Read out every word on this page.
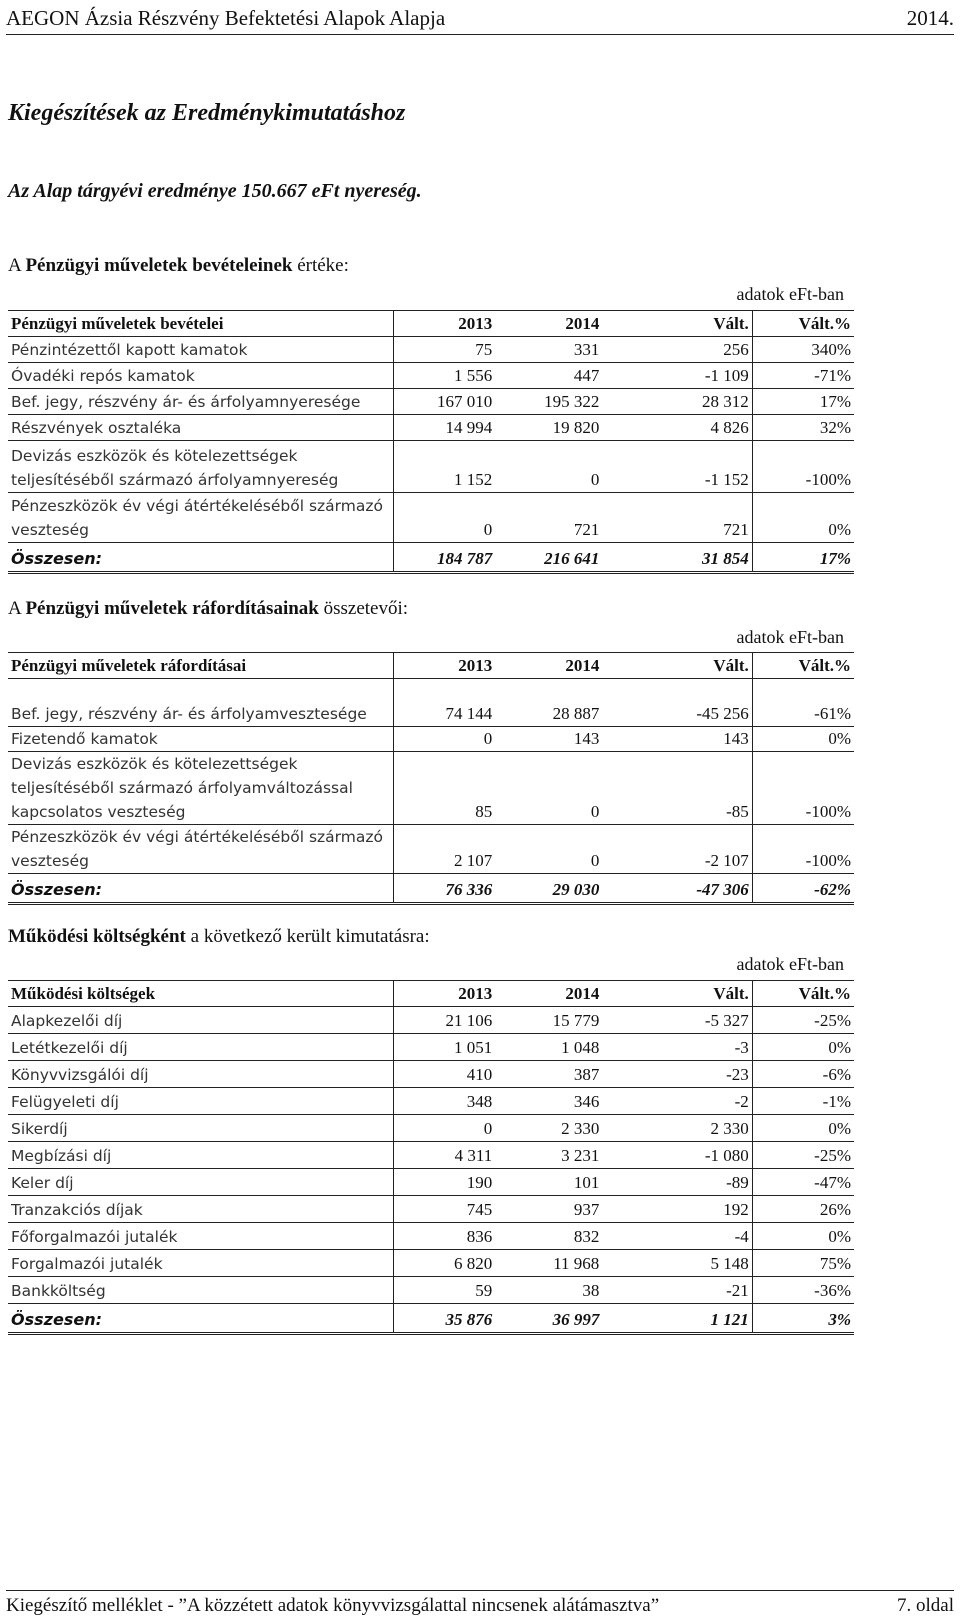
AEGON Ázsia Részvény Befektetési Alapok Alapja	2014.
Kiegészítések az Eredménykimutatáshoz
Az Alap tárgyévi eredménye 150.667 eFt nyereség.
A Pénzügyi műveletek bevételeinek értéke:
adatok eFt-ban
Pénzügyi műveletek bevételei	2013	2014	Vált.	Vált.%
Pénzintézettől kapott kamatok	75	331	256	340%
Óvadéki repós kamatok	1 556	447	-1 109	-71%
Bef. jegy, részvény ár- és árfolyamnyeresége	167 010	195 322	28 312	17%
Részvények osztaléka	14 994	19 820	4 826	32%
Devizás eszközök és kötelezettségek teljesítéséből származó árfolyamnyereség	1 152	0	-1 152	-100%
Pénzeszközök év végi átértékeléséből származó veszteség	0	721	721	0%
Összesen:	184 787	216 641	31 854	17%
A Pénzügyi műveletek ráfordításainak összetevői:
adatok eFt-ban
Pénzügyi műveletek ráfordításai	2013	2014	Vált.	Vált.%
Bef. jegy, részvény ár- és árfolyamvesztesége	74 144	28 887	-45 256	-61%
Fizetendő kamatok	0	143	143	0%
Devizás eszközök és kötelezettségek teljesítéséből származó árfolyamváltozással kapcsolatos veszteség	85	0	-85	-100%
Pénzeszközök év végi átértékeléséből származó veszteség	2 107	0	-2 107	-100%
Összesen:	76 336	29 030	-47 306	-62%
Működési költségként a következő került kimutatásra:
adatok eFt-ban
Működési költségek	2013	2014	Vált.	Vált.%
Alapkezelői díj	21 106	15 779	-5 327	-25%
Letétkezelői díj	1 051	1 048	-3	0%
Könyvvizsgálói díj	410	387	-23	-6%
Felügyeleti díj	348	346	-2	-1%
Sikerdíj	0	2 330	2 330	0%
Megbízási díj	4 311	3 231	-1 080	-25%
Keler díj	190	101	-89	-47%
Tranzakciós díjak	745	937	192	26%
Főforgalmazói jutalék	836	832	-4	0%
Forgalmazói jutalék	6 820	11 968	5 148	75%
Bankköltség	59	38	-21	-36%
Összesen:	35 876	36 997	1 121	3%
Kiegészítő melléklet - ”A közzétett adatok könyvvizsgálattal nincsenek alátámasztva”	7. oldal
